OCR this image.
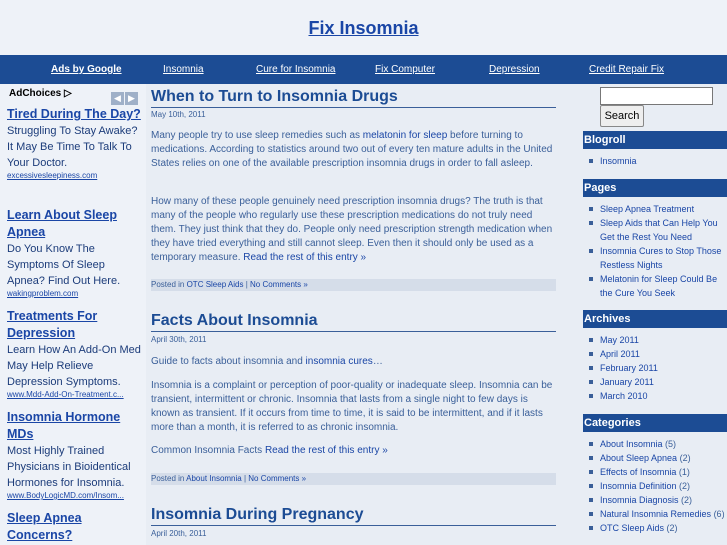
Fix Insomnia
Ads by Google	Insomnia	Cure for Insomnia	Fix Computer	Depression	Credit Repair Fix
AdChoices ▷	◀ ▶
Tired During The Day?
Struggling To Stay Awake? It May Be Time To Talk To Your Doctor.
excessivesleepiness.com
Learn About Sleep Apnea
Do You Know The Symptoms Of Sleep Apnea? Find Out Here.
wakingproblem.com
Treatments For Depression
Learn How An Add-On Med May Help Relieve Depression Symptoms.
www.Mdd-Add-On-Treatment.c...
Insomnia Hormone MDs
Most Highly Trained Physicians in Bioidentical Hormones for Insomnia.
www.BodyLogicMD.com/Insom...
Sleep Apnea Concerns?
When to Turn to Insomnia Drugs
May 10th, 2011

Many people try to use sleep remedies such as melatonin for sleep before turning to medications. According to statistics around two out of every ten mature adults in the United States relies on one of the available prescription insomnia drugs in order to fall asleep.

How many of these people genuinely need prescription insomnia drugs? The truth is that many of the people who regularly use these prescription medications do not truly need them. They just think that they do. People only need prescription strength medication when they have tried everything and still cannot sleep. Even then it should only be used as a temporary measure. Read the rest of this entry »

Posted in OTC Sleep Aids | No Comments »
Facts About Insomnia
April 30th, 2011

Guide to facts about insomnia and insomnia cures…

Insomnia is a complaint or perception of poor-quality or inadequate sleep. Insomnia can be transient, intermittent or chronic. Insomnia that lasts from a single night to few days is known as transient. If it occurs from time to time, it is said to be intermittent, and if it lasts more than a month, it is referred to as chronic insomnia.

Common Insomnia Facts Read the rest of this entry »

Posted in About Insomnia | No Comments »
Insomnia During Pregnancy
April 20th, 2011
Search
Blogroll
Insomnia
Pages
Sleep Apnea Treatment
Sleep Aids that Can Help You Get the Rest You Need
Insomnia Cures to Stop Those Restless Nights
Melatonin for Sleep Could Be the Cure You Seek
Archives
May 2011
April 2011
February 2011
January 2011
March 2010
Categories
About Insomnia (5)
About Sleep Apnea (2)
Effects of Insomnia (1)
Insomnia Definition (2)
Insomnia Diagnosis (2)
Natural Insomnia Remedies (6)
OTC Sleep Aids (2)
